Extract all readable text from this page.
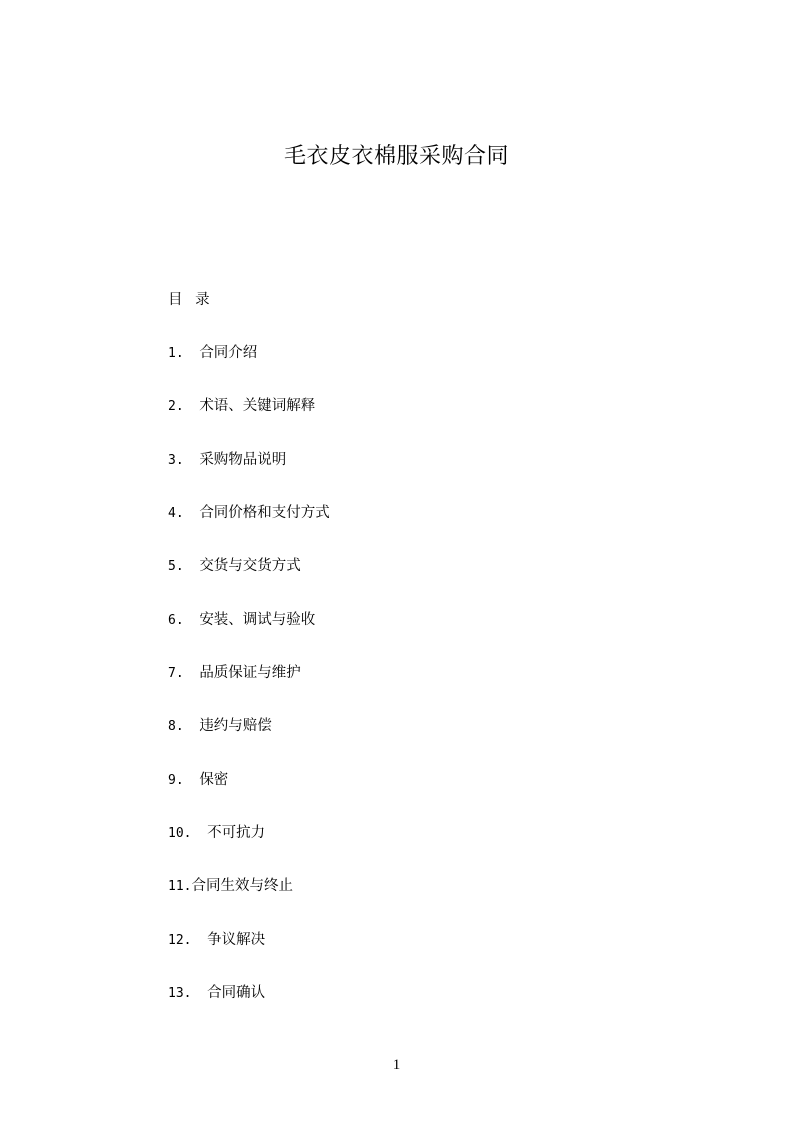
毛衣皮衣棉服采购合同
目 录
1.  合同介绍
2.  术语、关键词解释
3.  采购物品说明
4.  合同价格和支付方式
5.  交货与交货方式
6.  安装、调试与验收
7.  品质保证与维护
8.  违约与赔偿
9.  保密
10.  不可抗力
11.合同生效与终止
12.  争议解决
13.  合同确认
1
